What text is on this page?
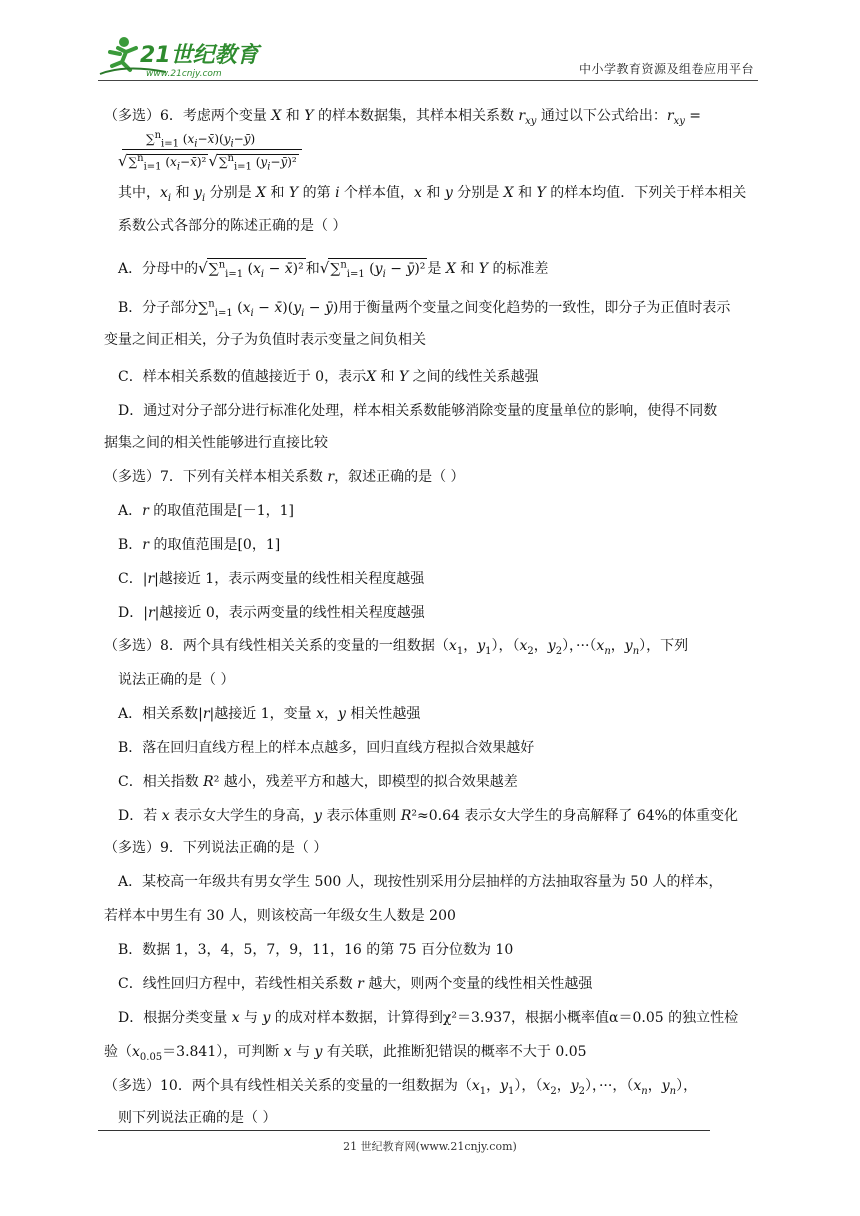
21世纪教育
www.21cnjy.com	中小学教育资源及组卷应用平台
（多选）6．考虑两个变量 X 和 Y 的样本数据集，其样本相关系数 $r_{xy}$ 通过以下公式给出：$r_{xy}$ =
∑$^n_{i=1}$ $(x_i-x̄)(y_i-ȳ)$
√∑$^n_{i=1}$ $(x_i-x̄)^2$ √∑$^n_{i=1}$ $(y_i-ȳ)^2$
其中，$x_i$ 和 $y_i$ 分别是 X 和 Y 的第 i 个样本值，x 和 y 分别是 X 和 Y 的样本均值．下列关于样本相关
系数公式各部分的陈述正确的是（ ）
A．分母中的√∑$^n_{i=1}$ ($x_i$ − x̄)² 和√∑$^n_{i=1}$ ($y_i$ − ȳ)² 是 X 和 Y 的标准差
B．分子部分∑$^n_{i=1}$ ($x_i$ − $x̄)(y_i$ − ȳ)用于衡量两个变量之间变化趋势的一致性，即分子为正值时表示
变量之间正相关，分子为负值时表示变量之间负相关
C．样本相关系数的值越接近于 0，表示X 和 Y 之间的线性关系越强
D．通过对分子部分进行标准化处理，样本相关系数能够消除变量的度量单位的影响，使得不同数
据集之间的相关性能够进行直接比较
（多选）7．下列有关样本相关系数 r，叙述正确的是（ ）
A．r 的取值范围是[－1，1]
B．r 的取值范围是[0，1]
C．|r|越接近 1，表示两变量的线性相关程度越强
D．|r|越接近 0，表示两变量的线性相关程度越强
（多选）8．两个具有线性相关关系的变量的一组数据（$x_1$，$y_1$），（$x_2$，$y_2$），$\cdot\cdot\cdot(x_n$，$y_n$），下列
说法正确的是（ ）
A．相关系数|r|越接近 1，变量 x，y 相关性越强
B．落在回归直线方程上的样本点越多，回归直线方程拟合效果越好
C．相关指数 R² 越小，残差平方和越大，即模型的拟合效果越差
D．若 x 表示女大学生的身高，y 表示体重则 R²≈0.64 表示女大学生的身高解释了 64%的体重变化
（多选）9．下列说法正确的是（ ）
A．某校高一年级共有男女学生 500 人，现按性别采用分层抽样的方法抽取容量为 50 人的样本，
若样本中男生有 30 人，则该校高一年级女生人数是 200
B．数据 1，3，4，5，7，9，11，16 的第 75 百分位数为 10
C．线性回归方程中，若线性相关系数 r 越大，则两个变量的线性相关性越强
D．根据分类变量 x 与 y 的成对样本数据，计算得到χ²＝3.937，根据小概率值α＝0.05 的独立性检
验$(x_{0.05}=3.841)$，可判断 x 与 y 有关联，此推断犯错误的概率不大于 0.05
（多选）10．两个具有线性相关关系的变量的一组数据为（$x_1$，$y_1$），（$x_2$，$y_2$），···，（$x_n$，$y_n$），
则下列说法正确的是（ ）
21 世纪教育网(www.21cnjy.com)
